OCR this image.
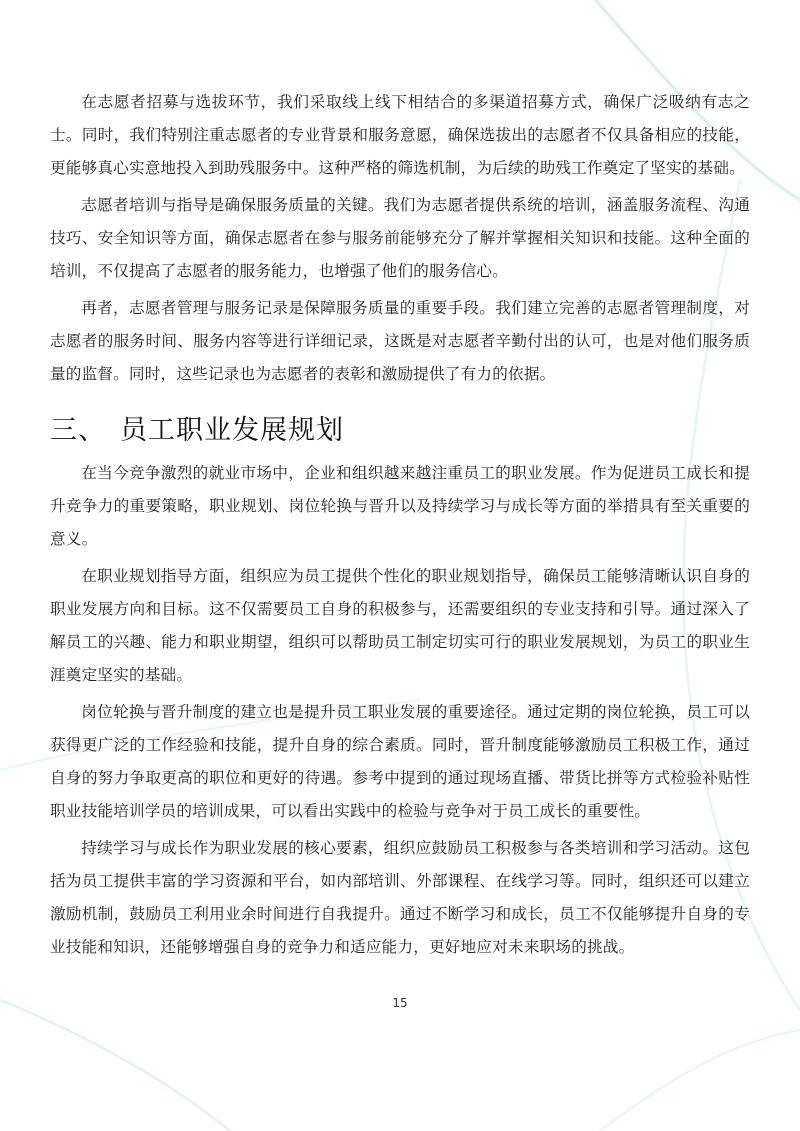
在志愿者招募与选拔环节，我们采取线上线下相结合的多渠道招募方式，确保广泛吸纳有志之士。同时，我们特别注重志愿者的专业背景和服务意愿，确保选拔出的志愿者不仅具备相应的技能，更能够真心实意地投入到助残服务中。这种严格的筛选机制，为后续的助残工作奠定了坚实的基础。

志愿者培训与指导是确保服务质量的关键。我们为志愿者提供系统的培训，涵盖服务流程、沟通技巧、安全知识等方面，确保志愿者在参与服务前能够充分了解并掌握相关知识和技能。这种全面的培训，不仅提高了志愿者的服务能力，也增强了他们的服务信心。

再者，志愿者管理与服务记录是保障服务质量的重要手段。我们建立完善的志愿者管理制度，对志愿者的服务时间、服务内容等进行详细记录，这既是对志愿者辛勤付出的认可，也是对他们服务质量的监督。同时，这些记录也为志愿者的表彰和激励提供了有力的依据。

三、 员工职业发展规划

在当今竞争激烈的就业市场中，企业和组织越来越注重员工的职业发展。作为促进员工成长和提升竞争力的重要策略，职业规划、岗位轮换与晋升以及持续学习与成长等方面的举措具有至关重要的意义。

在职业规划指导方面，组织应为员工提供个性化的职业规划指导，确保员工能够清晰认识自身的职业发展方向和目标。这不仅需要员工自身的积极参与，还需要组织的专业支持和引导。通过深入了解员工的兴趣、能力和职业期望，组织可以帮助员工制定切实可行的职业发展规划，为员工的职业生涯奠定坚实的基础。

岗位轮换与晋升制度的建立也是提升员工职业发展的重要途径。通过定期的岗位轮换，员工可以获得更广泛的工作经验和技能，提升自身的综合素质。同时，晋升制度能够激励员工积极工作，通过自身的努力争取更高的职位和更好的待遇。参考中提到的通过现场直播、带货比拼等方式检验补贴性职业技能培训学员的培训成果，可以看出实践中的检验与竞争对于员工成长的重要性。

持续学习与成长作为职业发展的核心要素，组织应鼓励员工积极参与各类培训和学习活动。这包括为员工提供丰富的学习资源和平台，如内部培训、外部课程、在线学习等。同时，组织还可以建立激励机制，鼓励员工利用业余时间进行自我提升。通过不断学习和成长，员工不仅能够提升自身的专业技能和知识，还能够增强自身的竞争力和适应能力，更好地应对未来职场的挑战。

15
